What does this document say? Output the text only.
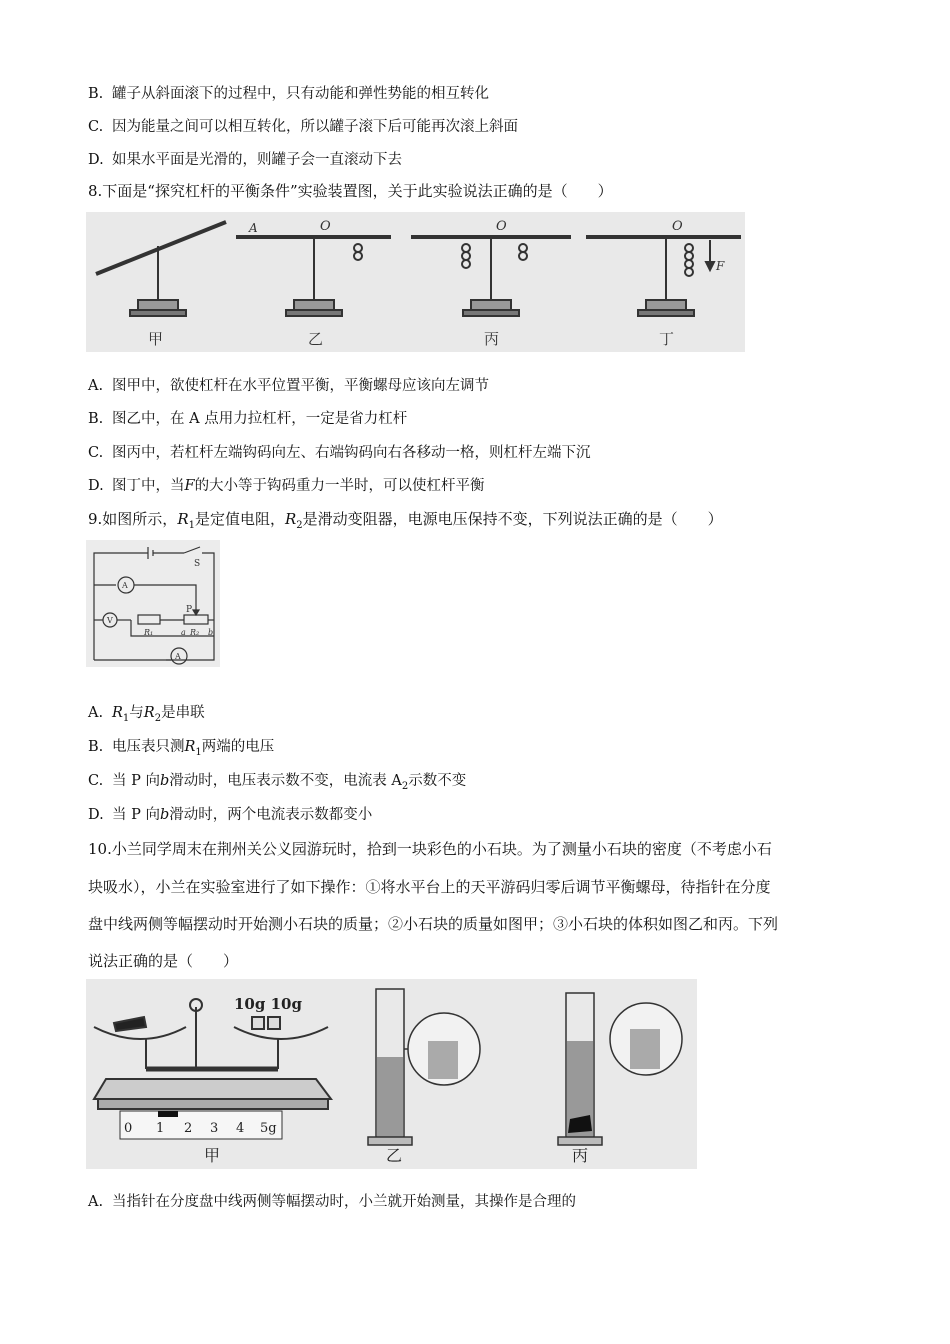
B. 罐子从斜面滚下的过程中，只有动能和弹性势能的相互转化
C. 因为能量之间可以相互转化，所以罐子滚下后可能再次滚上斜面
D. 如果水平面是光滑的，则罐子会一直滚动下去
8.下面是“探究杠杆的平衡条件”实验装置图，关于此实验说法正确的是（　　）
A	O	O	O
F
甲	乙	丙	丁
A. 图甲中，欲使杠杆在水平位置平衡，平衡螺母应该向左调节
B. 图乙中，在 A 点用力拉杠杆，一定是省力杠杆
C. 图丙中，若杠杆左端钩码向左、右端钩码向右各移动一格，则杠杆左端下沉
D. 图丁中，当F的大小等于钩码重力一半时，可以使杠杆平衡
9.如图所示，$R_1$是定值电阻，$R_2$是滑动变阻器，电源电压保持不变，下列说法正确的是（　　）
S
A
V
P
R₁	a R₂ b
A
A. $R_1$与$R_2$是串联
B. 电压表只测$R_1$两端的电压
C. 当 P 向b滑动时，电压表示数不变，电流表 $A_2$示数不变
D. 当 P 向b滑动时，两个电流表示数都变小
10.小兰同学周末在荆州关公义园游玩时，拾到一块彩色的小石块。为了测量小石块的密度（不考虑小石
块吸水），小兰在实验室进行了如下操作：①将水平台上的天平游码归零后调节平衡螺母，待指针在分度
盘中线两侧等幅摆动时开始测小石块的质量；②小石块的质量如图甲；③小石块的体积如图乙和丙。下列
说法正确的是（　　）
10g 10g
0 1 2 3 4 5g
甲	乙	丙
A. 当指针在分度盘中线两侧等幅摆动时，小兰就开始测量，其操作是合理的
